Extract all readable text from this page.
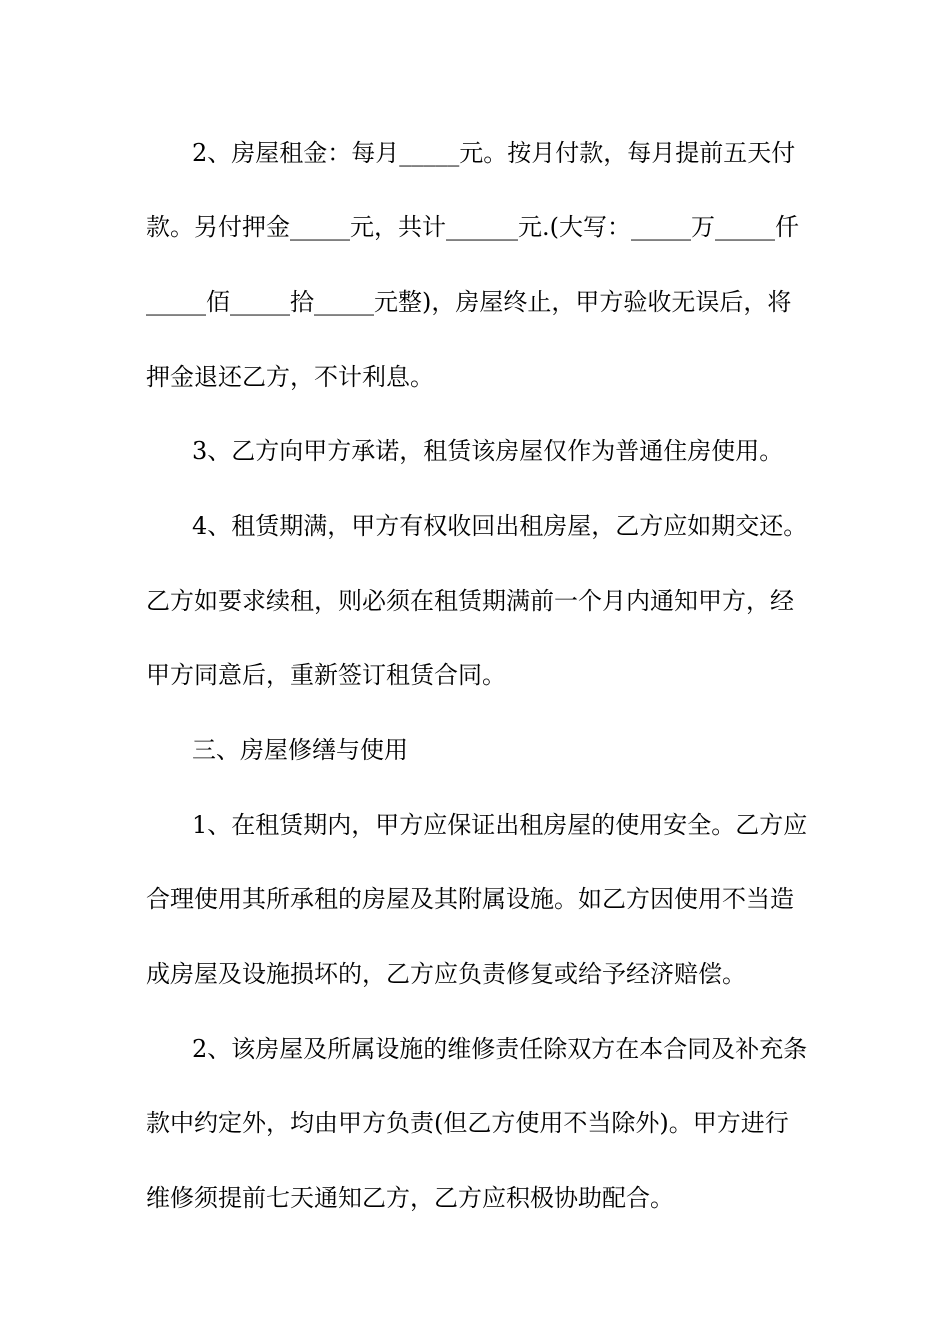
2、房屋租金：每月_____元。按月付款，每月提前五天付
款。另付押金_____元，共计______元.(大写：_____万_____仟
_____佰_____拾_____元整)，房屋终止，甲方验收无误后，将
押金退还乙方，不计利息。
3、乙方向甲方承诺，租赁该房屋仅作为普通住房使用。
4、租赁期满，甲方有权收回出租房屋，乙方应如期交还。
乙方如要求续租，则必须在租赁期满前一个月内通知甲方，经
甲方同意后，重新签订租赁合同。
三、房屋修缮与使用
1、在租赁期内，甲方应保证出租房屋的使用安全。乙方应
合理使用其所承租的房屋及其附属设施。如乙方因使用不当造
成房屋及设施损坏的，乙方应负责修复或给予经济赔偿。
2、该房屋及所属设施的维修责任除双方在本合同及补充条
款中约定外，均由甲方负责(但乙方使用不当除外)。甲方进行
维修须提前七天通知乙方，乙方应积极协助配合。
